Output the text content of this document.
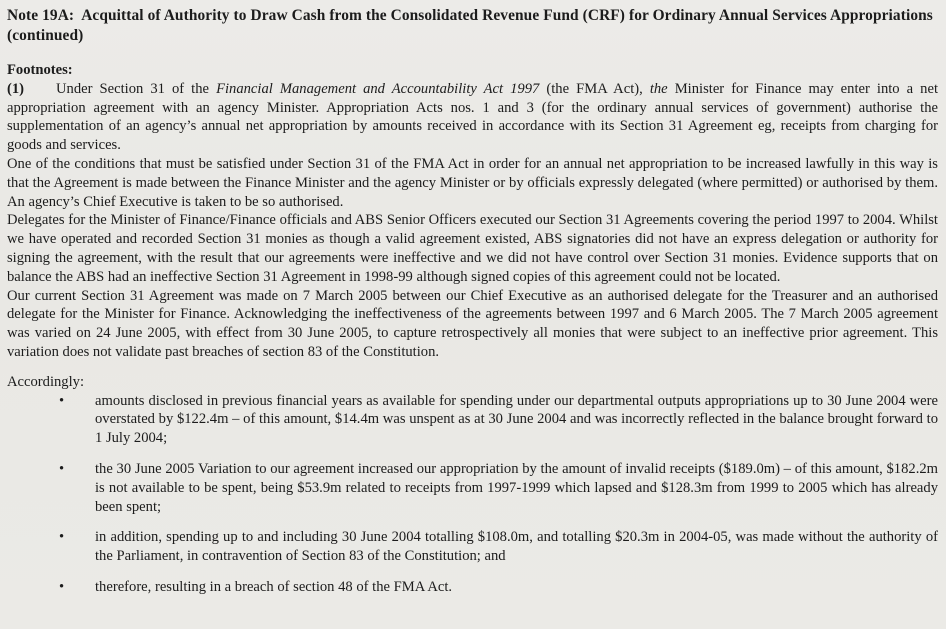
Note 19A:  Acquittal of Authority to Draw Cash from the Consolidated Revenue Fund (CRF) for Ordinary Annual Services Appropriations (continued)
Footnotes:

(1) Under Section 31 of the Financial Management and Accountability Act 1997 (the FMA Act), the Minister for Finance may enter into a net appropriation agreement with an agency Minister. Appropriation Acts nos. 1 and 3 (for the ordinary annual services of government) authorise the supplementation of an agency’s annual net appropriation by amounts received in accordance with its Section 31 Agreement eg, receipts from charging for goods and services.

One of the conditions that must be satisfied under Section 31 of the FMA Act in order for an annual net appropriation to be increased lawfully in this way is that the Agreement is made between the Finance Minister and the agency Minister or by officials expressly delegated (where permitted) or authorised by them. An agency’s Chief Executive is taken to be so authorised.

Delegates for the Minister of Finance/Finance officials and ABS Senior Officers executed our Section 31 Agreements covering the period 1997 to 2004. Whilst we have operated and recorded Section 31 monies as though a valid agreement existed, ABS signatories did not have an express delegation or authority for signing the agreement, with the result that our agreements were ineffective and we did not have control over Section 31 monies. Evidence supports that on balance the ABS had an ineffective Section 31 Agreement in 1998-99 although signed copies of this agreement could not be located.

Our current Section 31 Agreement was made on 7 March 2005 between our Chief Executive as an authorised delegate for the Treasurer and an authorised delegate for the Minister for Finance. Acknowledging the ineffectiveness of the agreements between 1997 and 6 March 2005. The 7 March 2005 agreement was varied on 24 June 2005, with effect from 30 June 2005, to capture retrospectively all monies that were subject to an ineffective prior agreement. This variation does not validate past breaches of section 83 of the Constitution.

Accordingly:
• amounts disclosed in previous financial years as available for spending under our departmental outputs appropriations up to 30 June 2004 were overstated by $122.4m – of this amount, $14.4m was unspent as at 30 June 2004 and was incorrectly reflected in the balance brought forward to 1 July 2004;
• the 30 June 2005 Variation to our agreement increased our appropriation by the amount of invalid receipts ($189.0m) – of this amount, $182.2m is not available to be spent, being $53.9m related to receipts from 1997-1999 which lapsed and $128.3m from 1999 to 2005 which has already been spent;
• in addition, spending up to and including 30 June 2004 totalling $108.0m, and totalling $20.3m in 2004-05, was made without the authority of the Parliament, in contravention of Section 83 of the Constitution; and
• therefore, resulting in a breach of section 48 of the FMA Act.
